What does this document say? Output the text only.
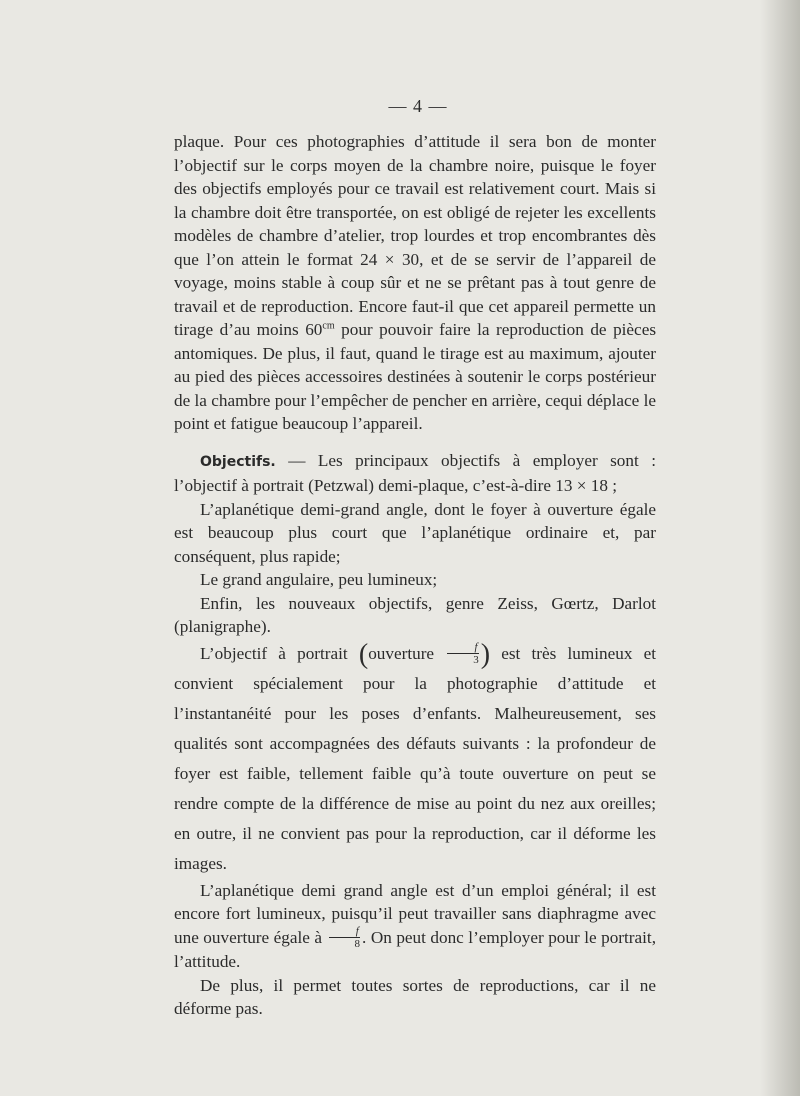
— 4 —

plaque. Pour ces photographies d’attitude il sera bon de monter l’objectif sur le corps moyen de la chambre noire, puisque le foyer des objectifs employés pour ce travail est relativement court. Mais si la chambre doit être transportée, on est obligé de rejeter les excellents modèles de chambre d’atelier, trop lourdes et trop encombrantes dès que l’on attein le format 24 × 30, et de se servir de l’appareil de voyage, moins stable à coup sûr et ne se prêtant pas à tout genre de travail et de reproduction. Encore faut-il que cet appareil permette un tirage d’au moins $60^{cm}$ pour pouvoir faire la reproduction de pièces antomiques. De plus, il faut, quand le tirage est au maximum, ajouter au pied des pièces accessoires destinées à soutenir le corps postérieur de la chambre pour l’empêcher de pencher en arrière, cequi déplace le point et fatigue beaucoup l’appareil.

Objectifs. — Les principaux objectifs à employer sont : l’objectif à portrait (Petzwal) demi-plaque, c’est-à-dire 13 × 18 ;

L’aplanétique demi-grand angle, dont le foyer à ouverture égale est beaucoup plus court que l’aplanétique ordinaire et, par conséquent, plus rapide;

Le grand angulaire, peu lumineux;

Enfin, les nouveaux objectifs, genre Zeiss, Gœrtz, Darlot (planigraphe).

L’objectif à portrait (ouverture $\frac{f}{3}$ ) est très lumineux et convient spécialement pour la photographie d’attitude et l’instantanéité pour les poses d’enfants. Malheureusement, ses qualités sont accompagnées des défauts suivants : la profondeur de foyer est faible, tellement faible qu’à toute ouverture on peut se rendre compte de la différence de mise au point du nez aux oreilles; en outre, il ne convient pas pour la reproduction, car il déforme les images.

L’aplanétique demi grand angle est d’un emploi général; il est encore fort lumineux, puisqu’il peut travailler sans diaphragme avec une ouverture égale à $\frac{f}{8}$ . On peut donc l’employer pour le portrait, l’attitude.

De plus, il permet toutes sortes de reproductions, car il ne déforme pas.
